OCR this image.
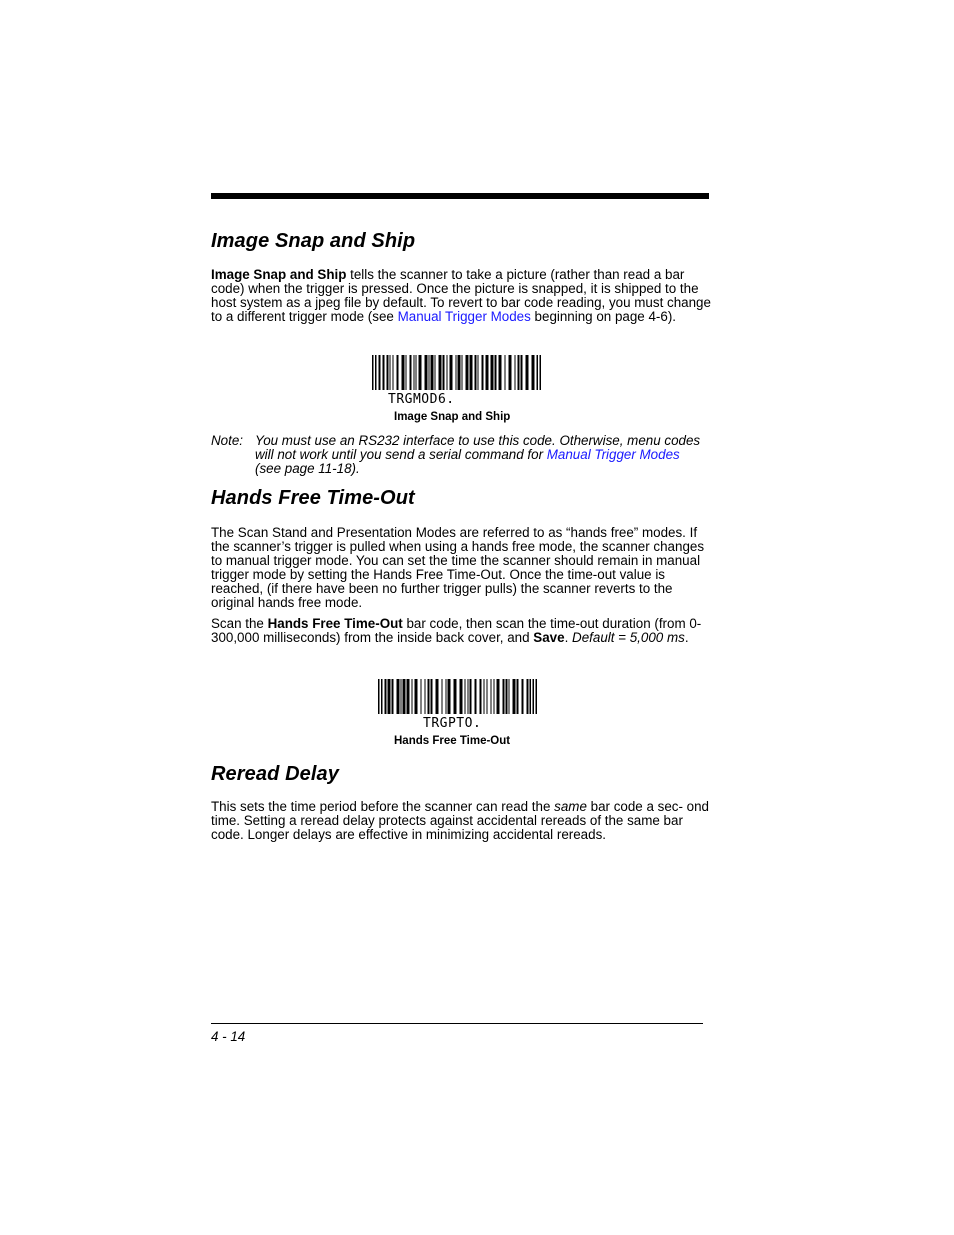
Image Snap and Ship

Image Snap and Ship tells the scanner to take a picture (rather than read a bar code) when the trigger is pressed. Once the picture is snapped, it is shipped to the host system as a jpeg file by default. To revert to bar code reading, you must change to a different trigger mode (see Manual Trigger Modes beginning on page 4-6).

TRGMOD6.
Image Snap and Ship
Note: You must use an RS232 interface to use this code. Otherwise, menu codes will not work until you send a serial command for Manual Trigger Modes (see page 11-18).

Hands Free Time-Out

The Scan Stand and Presentation Modes are referred to as “hands free” modes. If the scanner’s trigger is pulled when using a hands free mode, the scanner changes to manual trigger mode. You can set the time the scanner should remain in manual trigger mode by setting the Hands Free Time-Out. Once the time-out value is reached, (if there have been no further trigger pulls) the scanner reverts to the original hands free mode.

Scan the Hands Free Time-Out bar code, then scan the time-out duration (from 0-300,000 milliseconds) from the inside back cover, and Save. Default = 5,000 ms.

TRGPTO.
Hands Free Time-Out
Reread Delay

This sets the time period before the scanner can read the same bar code a sec- ond time. Setting a reread delay protects against accidental rereads of the same bar code. Longer delays are effective in minimizing accidental rereads.

4 - 14
